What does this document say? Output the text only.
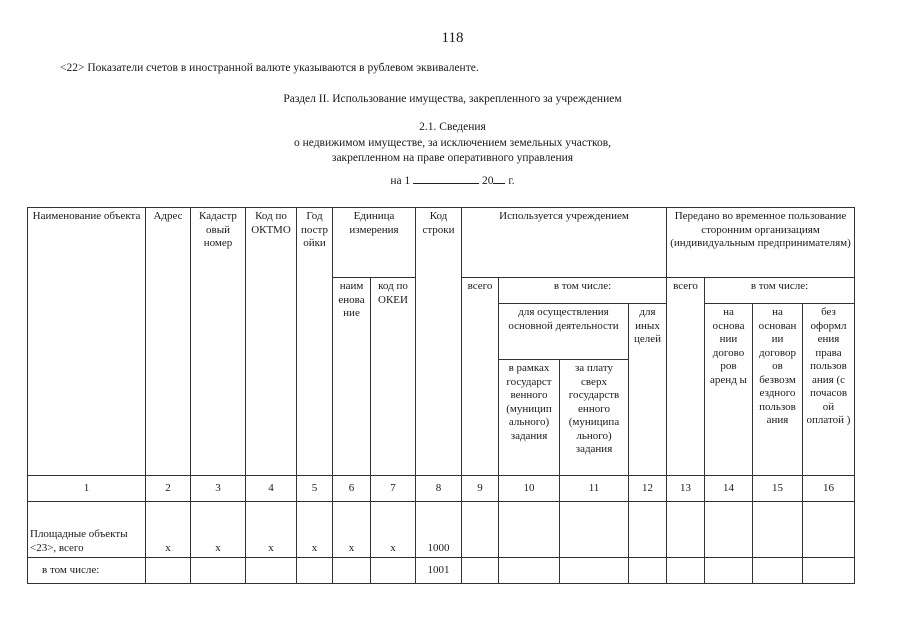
118
<22> Показатели счетов в иностранной валюте указываются в рублевом эквиваленте.
Раздел II. Использование имущества, закрепленного за учреждением
2.1. Сведения
о недвижимом имуществе, за исключением земельных участков,
закрепленном на праве оперативного управления
на 1	20 г.
Наименование объекта	Адрес	Кадастр овый номер	Код по ОКТМО	Год постр ойки	Единица измерения		Код строки	Используется учреждением				Передано во временное пользование сторонним организациям (индивидуальным предпринимателям)			
					наим енова ние	код по ОКЕИ		всего	в том числе:			всего	в том числе:		
									для осуществления основной деятельности		для иных целей		на основа нии догово ров аренд ы	на основан ии договор ов безвозм ездного пользов ания	без оформл ения права пользов ания (с почасов ой оплатой )
									в рамках государст венного (муницип ального) задания	за плату сверх государств енного (муниципа льного) задания					
1	2	3	4	5	6	7	8	9	10	11	12	13	14	15	16
Площадные объекты <23>, всего	x	x	x	x	x	x	1000								
в том числе:							1001								
